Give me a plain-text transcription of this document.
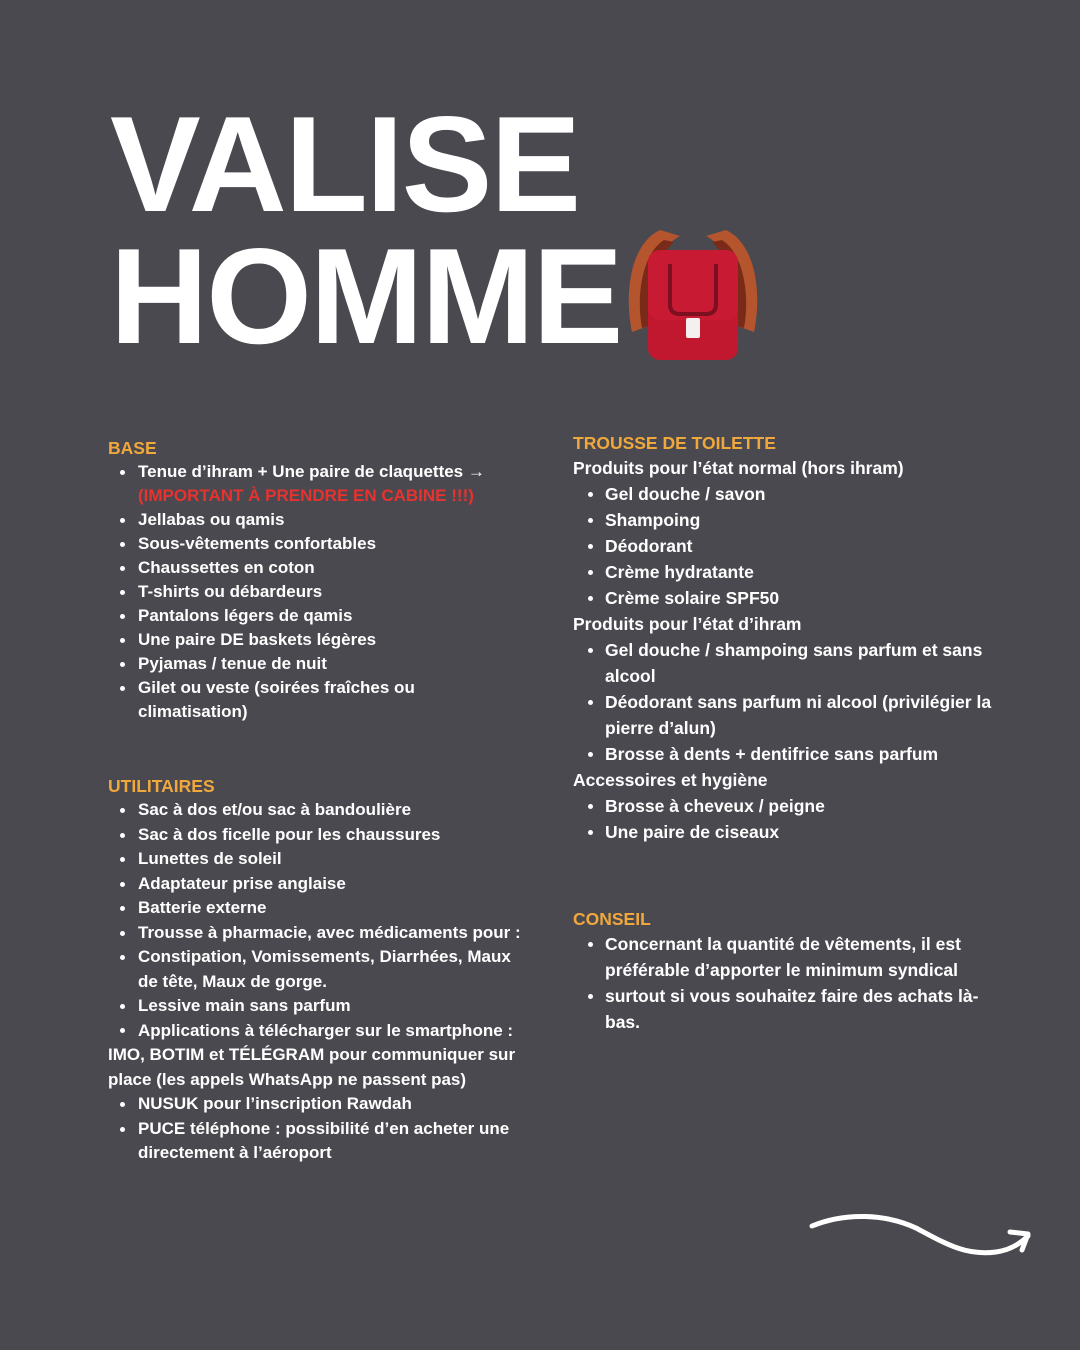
VALISE
HOMME

BASE

Tenue d’ihram + Une paire de claquettes →
(IMPORTANT À PRENDRE EN CABINE !!!)
Jellabas ou qamis
Sous-vêtements confortables
Chaussettes en coton
T-shirts ou débardeurs
Pantalons légers de qamis
Une paire DE baskets légères
Pyjamas / tenue de nuit
Gilet ou veste (soirées fraîches ou climatisation)

UTILITAIRES

Sac à dos et/ou sac à bandoulière
Sac à dos ficelle pour les chaussures
Lunettes de soleil
Adaptateur prise anglaise
Batterie externe
Trousse à pharmacie, avec médicaments pour :
Constipation, Vomissements, Diarrhées, Maux de tête, Maux de gorge.
Lessive main sans parfum

Applications à télécharger sur le smartphone : IMO, BOTIM et TÉLÉGRAM pour communiquer sur place (les appels WhatsApp ne passent pas)

NUSUK pour l’inscription Rawdah
PUCE téléphone : possibilité d’en acheter une directement à l’aéroport

TROUSSE DE TOILETTE

Produits pour l’état normal (hors ihram)

Gel douche / savon
Shampoing
Déodorant
Crème hydratante
Crème solaire SPF50

Produits pour l’état d’ihram

Gel douche / shampoing sans parfum et sans alcool
Déodorant sans parfum ni alcool (privilégier la pierre d’alun)
Brosse à dents + dentifrice sans parfum

Accessoires et hygiène

Brosse à cheveux / peigne
Une paire de ciseaux

CONSEIL

Concernant la quantité de vêtements, il est préférable d’apporter le minimum syndical
surtout si vous souhaitez faire des achats là-bas.
